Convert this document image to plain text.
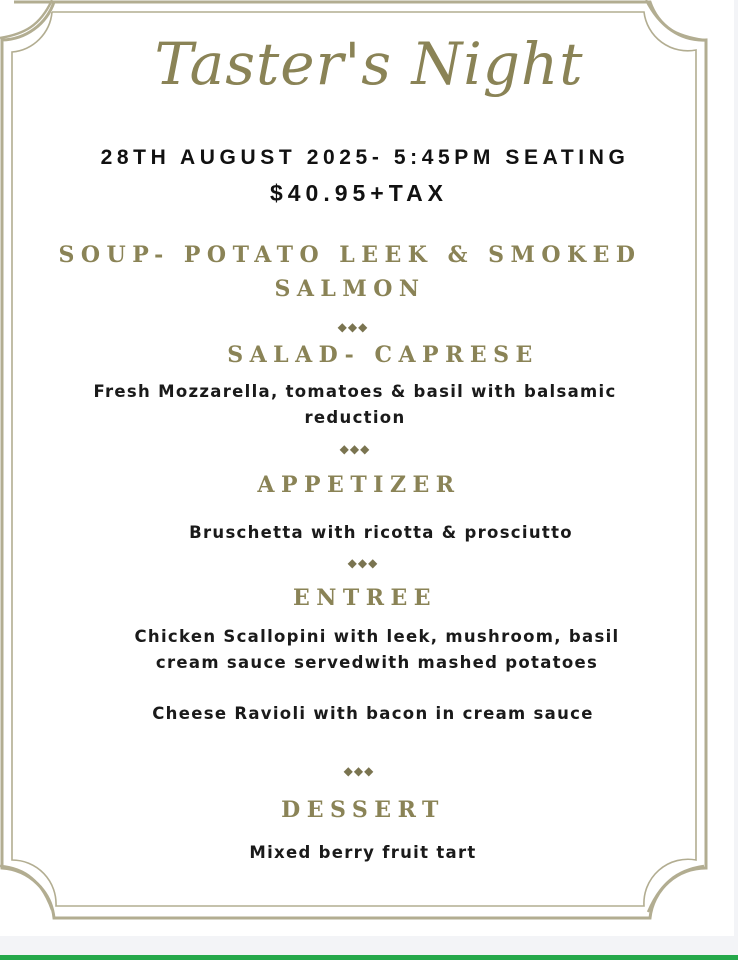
Taster's Night
28TH AUGUST 2025- 5:45PM SEATING
$40.95+TAX
SOUP- POTATO LEEK & SMOKED
SALMON
◆◆◆
SALAD- CAPRESE
Fresh Mozzarella, tomatoes & basil with balsamic
reduction
◆◆◆
APPETIZER
Bruschetta with ricotta & prosciutto
◆◆◆
ENTREE
Chicken Scallopini with leek, mushroom, basil
cream sauce servedwith mashed potatoes
Cheese Ravioli with bacon in cream sauce
◆◆◆
DESSERT
Mixed berry fruit tart
